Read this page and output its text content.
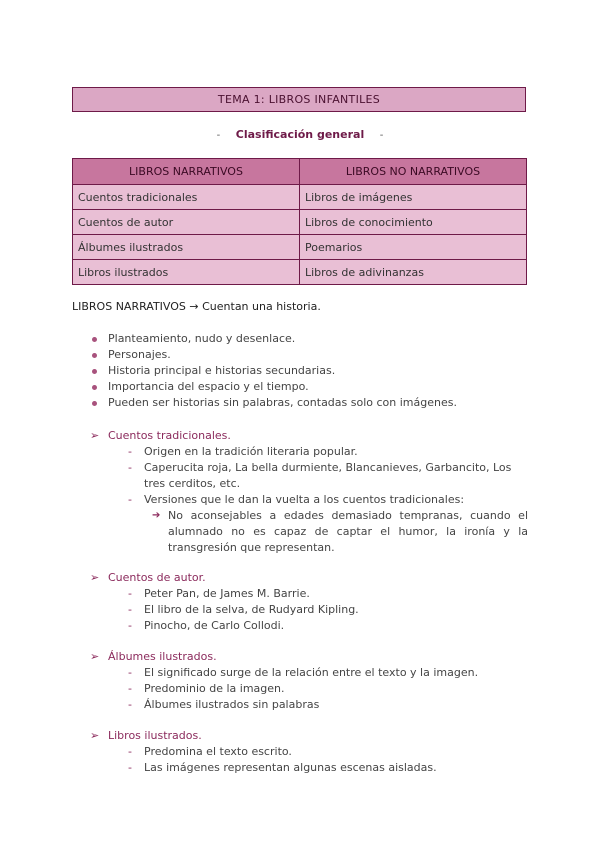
TEMA 1: LIBROS INFANTILES
- Clasificación general -
LIBROS NARRATIVOS	LIBROS NO NARRATIVOS
Cuentos tradicionales	Libros de imágenes
Cuentos de autor	Libros de conocimiento
Álbumes ilustrados	Poemarios
Libros ilustrados	Libros de adivinanzas
LIBROS NARRATIVOS → Cuentan una historia.
Planteamiento, nudo y desenlace.
Personajes.
Historia principal e historias secundarias.
Importancia del espacio y el tiempo.
Pueden ser historias sin palabras, contadas solo con imágenes.
➢ Cuentos tradicionales.
- Origen en la tradición literaria popular.
- Caperucita roja, La bella durmiente, Blancanieves, Garbancito, Los tres cerditos, etc.
- Versiones que le dan la vuelta a los cuentos tradicionales:
➔ No aconsejables a edades demasiado tempranas, cuando el alumnado no es capaz de captar el humor, la ironía y la transgresión que representan.
➢ Cuentos de autor.
- Peter Pan, de James M. Barrie.
- El libro de la selva, de Rudyard Kipling.
- Pinocho, de Carlo Collodi.
➢ Álbumes ilustrados.
- El significado surge de la relación entre el texto y la imagen.
- Predominio de la imagen.
- Álbumes ilustrados sin palabras
➢ Libros ilustrados.
- Predomina el texto escrito.
- Las imágenes representan algunas escenas aisladas.
